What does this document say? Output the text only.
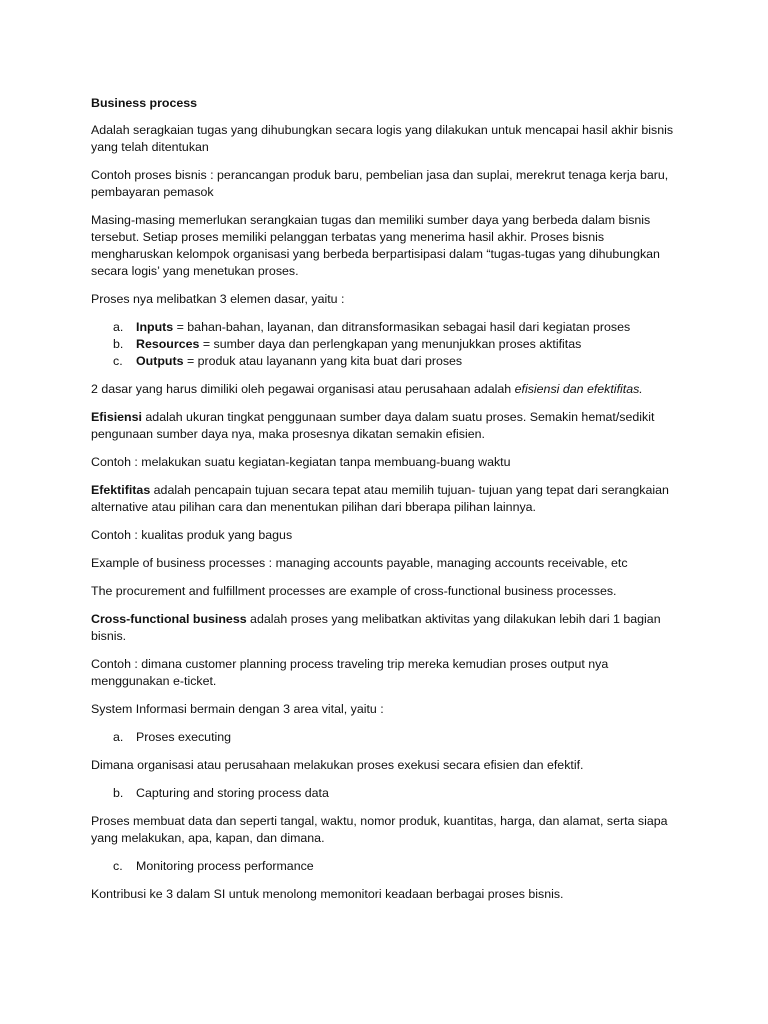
Business process

Adalah seragkaian tugas yang dihubungkan secara logis yang dilakukan untuk mencapai hasil akhir bisnis yang telah ditentukan

Contoh proses bisnis : perancangan produk baru, pembelian jasa dan suplai, merekrut tenaga kerja baru, pembayaran pemasok

Masing-masing memerlukan serangkaian tugas dan memiliki sumber daya yang berbeda dalam bisnis tersebut. Setiap proses memiliki pelanggan terbatas yang menerima hasil akhir. Proses bisnis mengharuskan kelompok organisasi yang berbeda berpartisipasi dalam “tugas-tugas yang dihubungkan secara logis’ yang menetukan proses.

Proses nya melibatkan 3 elemen dasar, yaitu :

a. Inputs = bahan-bahan, layanan, dan ditransformasikan sebagai hasil dari kegiatan proses
b. Resources = sumber daya dan perlengkapan yang menunjukkan proses aktifitas
c. Outputs = produk atau layanann yang kita buat dari proses

2 dasar yang harus dimiliki oleh pegawai organisasi atau perusahaan adalah efisiensi dan efektifitas.

Efisiensi adalah ukuran tingkat penggunaan sumber daya dalam suatu proses. Semakin hemat/sedikit pengunaan sumber daya nya, maka prosesnya dikatan semakin efisien.

Contoh : melakukan suatu kegiatan-kegiatan tanpa membuang-buang waktu

Efektifitas adalah pencapain tujuan secara tepat atau memilih tujuan- tujuan yang tepat dari serangkaian alternative atau pilihan cara dan menentukan pilihan dari bberapa pilihan lainnya.

Contoh : kualitas produk yang bagus

Example of business processes : managing accounts payable, managing accounts receivable, etc

The procurement and fulfillment processes are example of cross-functional business processes.

Cross-functional business adalah proses yang melibatkan aktivitas yang dilakukan lebih dari 1 bagian bisnis.

Contoh : dimana customer planning process traveling trip mereka kemudian proses output nya menggunakan e-ticket.

System Informasi bermain dengan 3 area vital, yaitu :

a. Proses executing

Dimana organisasi atau perusahaan melakukan proses exekusi secara efisien dan efektif.

b. Capturing and storing process data

Proses membuat data dan seperti tangal, waktu, nomor produk, kuantitas, harga, dan alamat, serta siapa yang melakukan, apa, kapan, dan dimana.

c. Monitoring process performance

Kontribusi ke 3 dalam SI untuk menolong memonitori keadaan berbagai proses bisnis.
